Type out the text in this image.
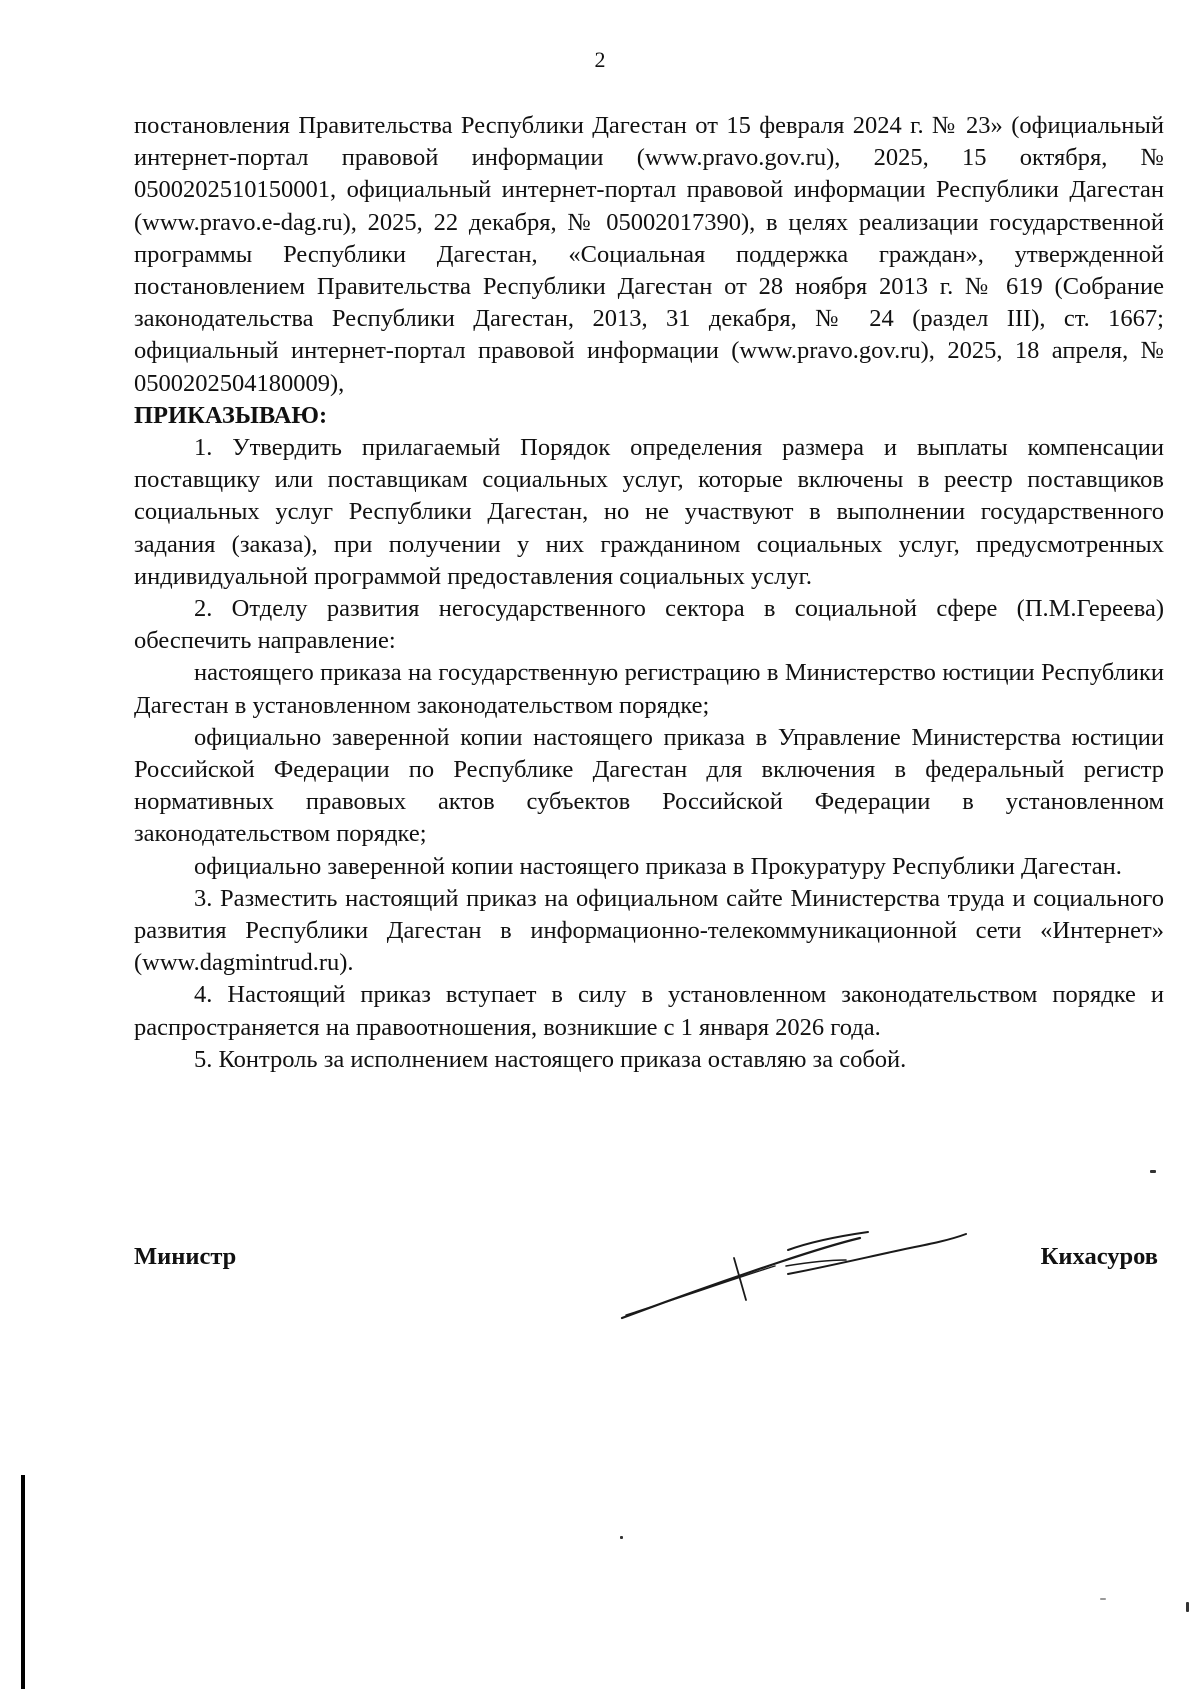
2

постановления Правительства Республики Дагестан от 15 февраля 2024 г. № 23» (официальный интернет-портал правовой информации (www.pravo.gov.ru), 2025, 15 октября, № 0500202510150001, официальный интернет-портал правовой информации Республики Дагестан (www.pravo.e-dag.ru), 2025, 22 декабря, № 05002017390), в целях реализации государственной программы Республики Дагестан, «Социальная поддержка граждан», утвержденной постановлением Правительства Республики Дагестан от 28 ноября 2013 г. № 619 (Собрание законодательства Республики Дагестан, 2013, 31 декабря, № 24 (раздел III), ст. 1667; официальный интернет-портал правовой информации (www.pravo.gov.ru), 2025, 18 апреля, № 0500202504180009),

ПРИКАЗЫВАЮ:

1. Утвердить прилагаемый Порядок определения размера и выплаты компенсации поставщику или поставщикам социальных услуг, которые включены в реестр поставщиков социальных услуг Республики Дагестан, но не участвуют в выполнении государственного задания (заказа), при получении у них гражданином социальных услуг, предусмотренных индивидуальной программой предоставления социальных услуг.

2. Отделу развития негосударственного сектора в социальной сфере (П.М.Гереева) обеспечить направление:

настоящего приказа на государственную регистрацию в Министерство юстиции Республики Дагестан в установленном законодательством порядке;

официально заверенной копии настоящего приказа в Управление Министерства юстиции Российской Федерации по Республике Дагестан для включения в федеральный регистр нормативных правовых актов субъектов Российской Федерации в установленном законодательством порядке;

официально заверенной копии настоящего приказа в Прокуратуру Республики Дагестан.

3. Разместить настоящий приказ на официальном сайте Министерства труда и социального развития Республики Дагестан в информационно-телекоммуникационной сети «Интернет» (www.dagmintrud.ru).

4. Настоящий приказ вступает в силу в установленном законодательством порядке и распространяется на правоотношения, возникшие с 1 января 2026 года.

5. Контроль за исполнением настоящего приказа оставляю за собой.

Министр	Кихасуров
